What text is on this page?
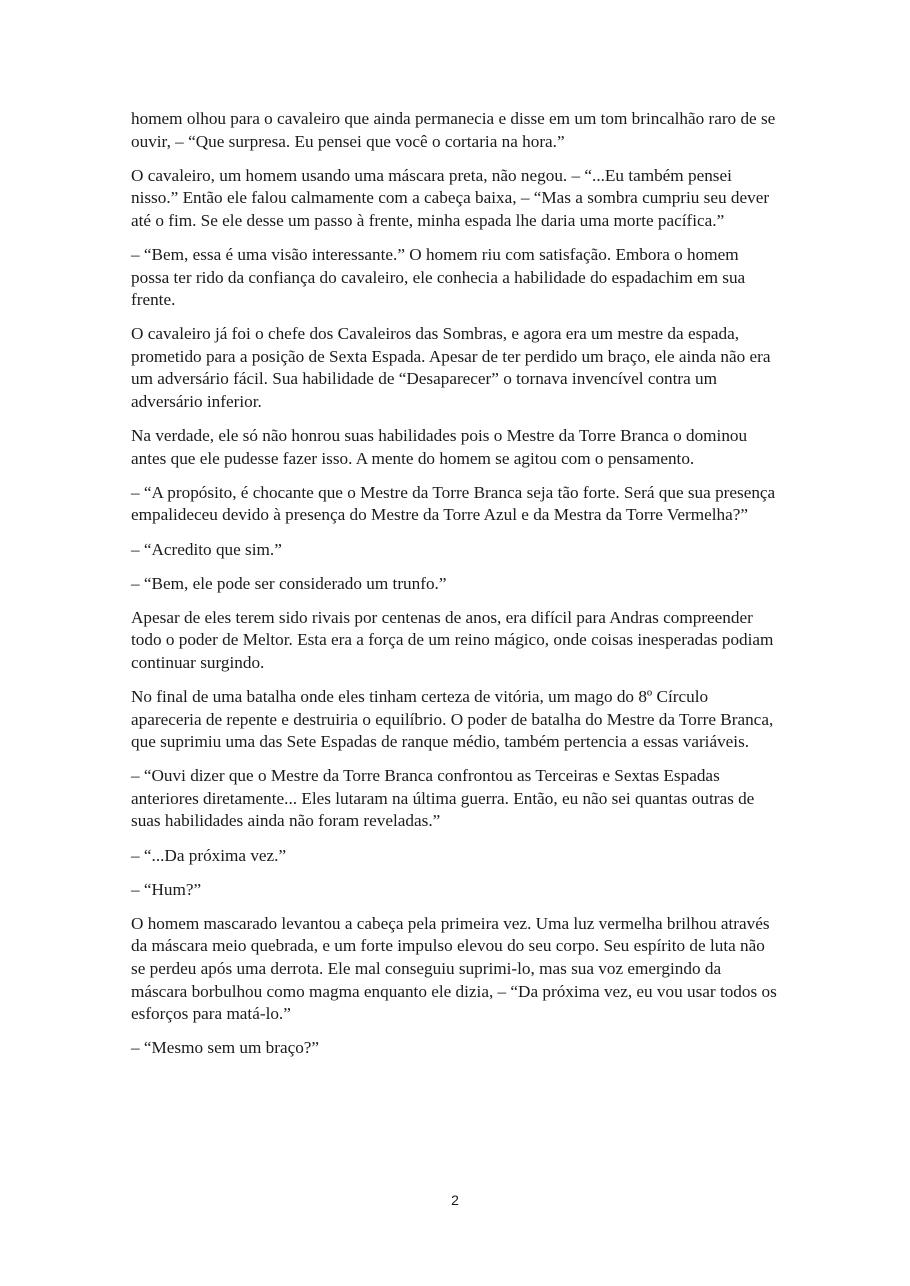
homem olhou para o cavaleiro que ainda permanecia e disse em um tom brincalhão raro de se ouvir, – “Que surpresa. Eu pensei que você o cortaria na hora.”

O cavaleiro, um homem usando uma máscara preta, não negou. – “...Eu também pensei nisso.” Então ele falou calmamente com a cabeça baixa, – “Mas a sombra cumpriu seu dever até o fim. Se ele desse um passo à frente, minha espada lhe daria uma morte pacífica.”

– “Bem, essa é uma visão interessante.” O homem riu com satisfação. Embora o homem possa ter rido da confiança do cavaleiro, ele conhecia a habilidade do espadachim em sua frente.

O cavaleiro já foi o chefe dos Cavaleiros das Sombras, e agora era um mestre da espada, prometido para a posição de Sexta Espada. Apesar de ter perdido um braço, ele ainda não era um adversário fácil. Sua habilidade de “Desaparecer” o tornava invencível contra um adversário inferior.

Na verdade, ele só não honrou suas habilidades pois o Mestre da Torre Branca o dominou antes que ele pudesse fazer isso. A mente do homem se agitou com o pensamento.

– “A propósito, é chocante que o Mestre da Torre Branca seja tão forte. Será que sua presença empalideceu devido à presença do Mestre da Torre Azul e da Mestra da Torre Vermelha?”

– “Acredito que sim.”

– “Bem, ele pode ser considerado um trunfo.”

Apesar de eles terem sido rivais por centenas de anos, era difícil para Andras compreender todo o poder de Meltor. Esta era a força de um reino mágico, onde coisas inesperadas podiam continuar surgindo.

No final de uma batalha onde eles tinham certeza de vitória, um mago do 8º Círculo apareceria de repente e destruiria o equilíbrio. O poder de batalha do Mestre da Torre Branca, que suprimiu uma das Sete Espadas de ranque médio, também pertencia a essas variáveis.

– “Ouvi dizer que o Mestre da Torre Branca confrontou as Terceiras e Sextas Espadas anteriores diretamente... Eles lutaram na última guerra. Então, eu não sei quantas outras de suas habilidades ainda não foram reveladas.”

– “...Da próxima vez.”

– “Hum?”

O homem mascarado levantou a cabeça pela primeira vez. Uma luz vermelha brilhou através da máscara meio quebrada, e um forte impulso elevou do seu corpo. Seu espírito de luta não se perdeu após uma derrota. Ele mal conseguiu suprimi-lo, mas sua voz emergindo da máscara borbulhou como magma enquanto ele dizia, – “Da próxima vez, eu vou usar todos os esforços para matá-lo.”

– “Mesmo sem um braço?”

2
